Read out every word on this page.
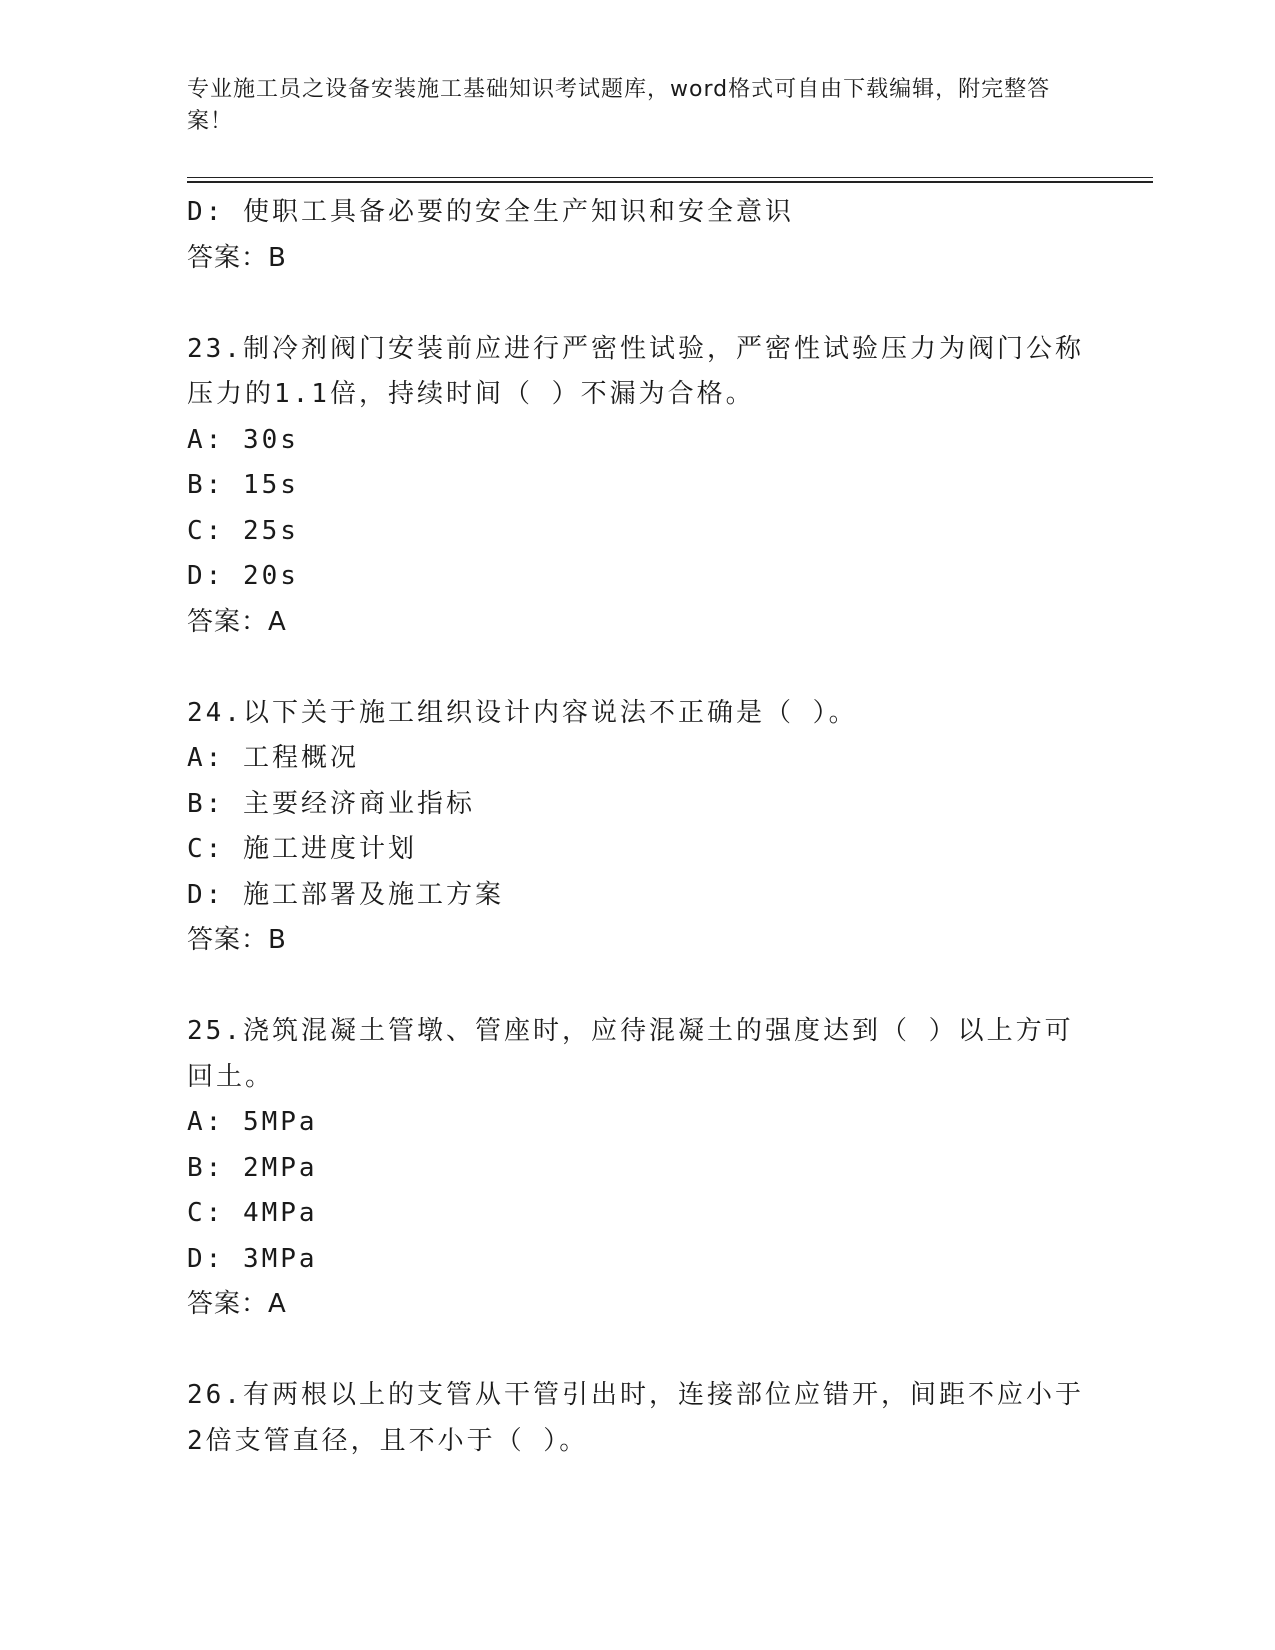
专业施工员之设备安装施工基础知识考试题库，word格式可自由下载编辑，附完整答案！
D: 使职工具备必要的安全生产知识和安全意识
答案：B
23.制冷剂阀门安装前应进行严密性试验，严密性试验压力为阀门公称
压力的1.1倍，持续时间（ ）不漏为合格。
A: 30s
B: 15s
C: 25s
D: 20s
答案：A
24.以下关于施工组织设计内容说法不正确是（ ）。
A: 工程概况
B: 主要经济商业指标
C: 施工进度计划
D: 施工部署及施工方案
答案：B
25.浇筑混凝土管墩、管座时，应待混凝土的强度达到（ ）以上方可
回土。
A: 5MPa
B: 2MPa
C: 4MPa
D: 3MPa
答案：A
26.有两根以上的支管从干管引出时，连接部位应错开，间距不应小于
2倍支管直径，且不小于（ ）。
